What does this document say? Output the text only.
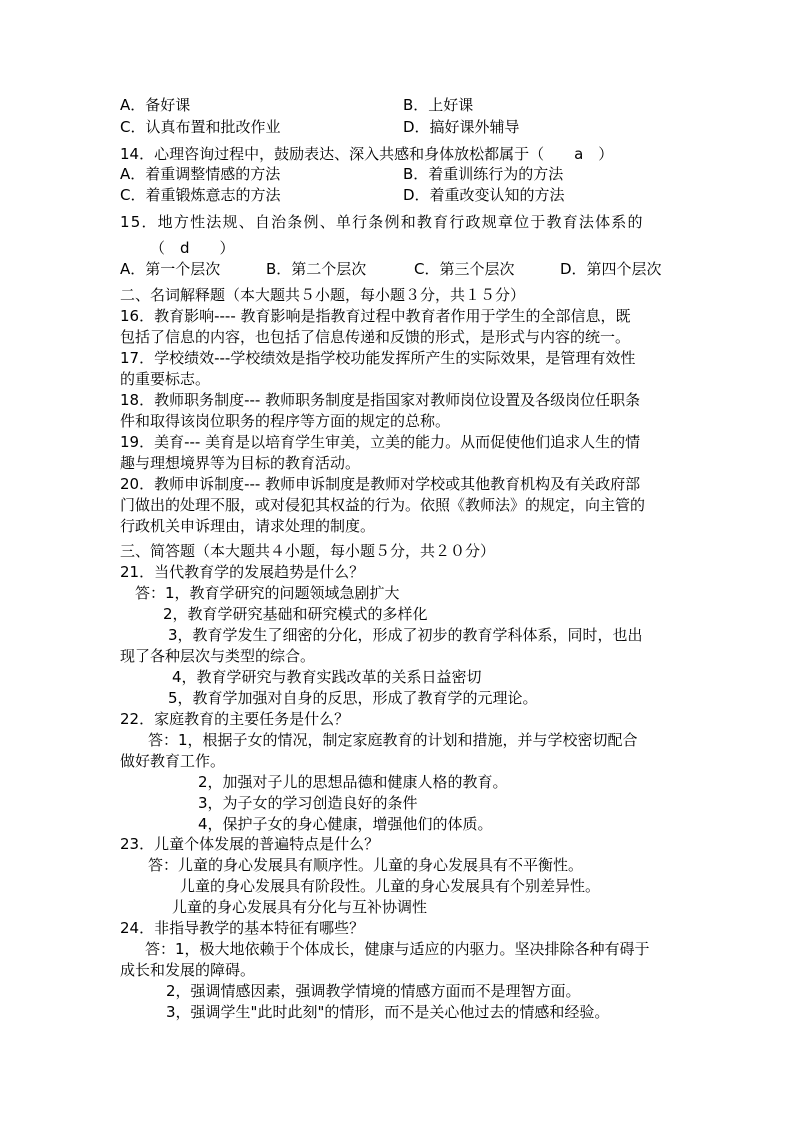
A．备好课	B．上好课
C．认真布置和批改作业	D．搞好课外辅导
14．心理咨询过程中，鼓励表达、深入共感和身体放松都属于（　　a　）
A．着重调整情感的方法	B．着重训练行为的方法
C．着重锻炼意志的方法	D．着重改变认知的方法
15．地方性法规、自治条例、单行条例和教育行政规章位于教育法体系的
（　d　　）
A．第一个层次	B．第二个层次	C．第三个层次	D．第四个层次
二、名词解释题（本大题共５小题，每小题３分，共１５分）
16．教育影响---- 教育影响是指教育过程中教育者作用于学生的全部信息，既
包括了信息的内容，也包括了信息传递和反馈的形式，是形式与内容的统一。
17．学校绩效---学校绩效是指学校功能发挥所产生的实际效果，是管理有效性
的重要标志。
18．教师职务制度--- 教师职务制度是指国家对教师岗位设置及各级岗位任职条
件和取得该岗位职务的程序等方面的规定的总称。
19．美育--- 美育是以培育学生审美，立美的能力。从而促使他们追求人生的情
趣与理想境界等为目标的教育活动。
20．教师申诉制度--- 教师申诉制度是教师对学校或其他教育机构及有关政府部
门做出的处理不服，或对侵犯其权益的行为。依照《教师法》的规定，向主管的
行政机关申诉理由，请求处理的制度。
三、简答题（本大题共４小题，每小题５分，共２０分）
21．当代教育学的发展趋势是什么？
答：1，教育学研究的问题领域急剧扩大
2，教育学研究基础和研究模式的多样化
3，教育学发生了细密的分化，形成了初步的教育学科体系，同时，也出
现了各种层次与类型的综合。
4，教育学研究与教育实践改革的关系日益密切
5，教育学加强对自身的反思，形成了教育学的元理论。
22．家庭教育的主要任务是什么？
答：1，根据子女的情况，制定家庭教育的计划和措施，并与学校密切配合
做好教育工作。
2，加强对子儿的思想品德和健康人格的教育。
3，为子女的学习创造良好的条件
4，保护子女的身心健康，增强他们的体质。
23．儿童个体发展的普遍特点是什么？
答：儿童的身心发展具有顺序性。儿童的身心发展具有不平衡性。
儿童的身心发展具有阶段性。儿童的身心发展具有个别差异性。
儿童的身心发展具有分化与互补协调性
24．非指导教学的基本特征有哪些？
答：1，极大地依赖于个体成长，健康与适应的内驱力。坚决排除各种有碍于
成长和发展的障碍。
2，强调情感因素，强调教学情境的情感方面而不是理智方面。
3，强调学生"此时此刻"的情形，而不是关心他过去的情感和经验。
